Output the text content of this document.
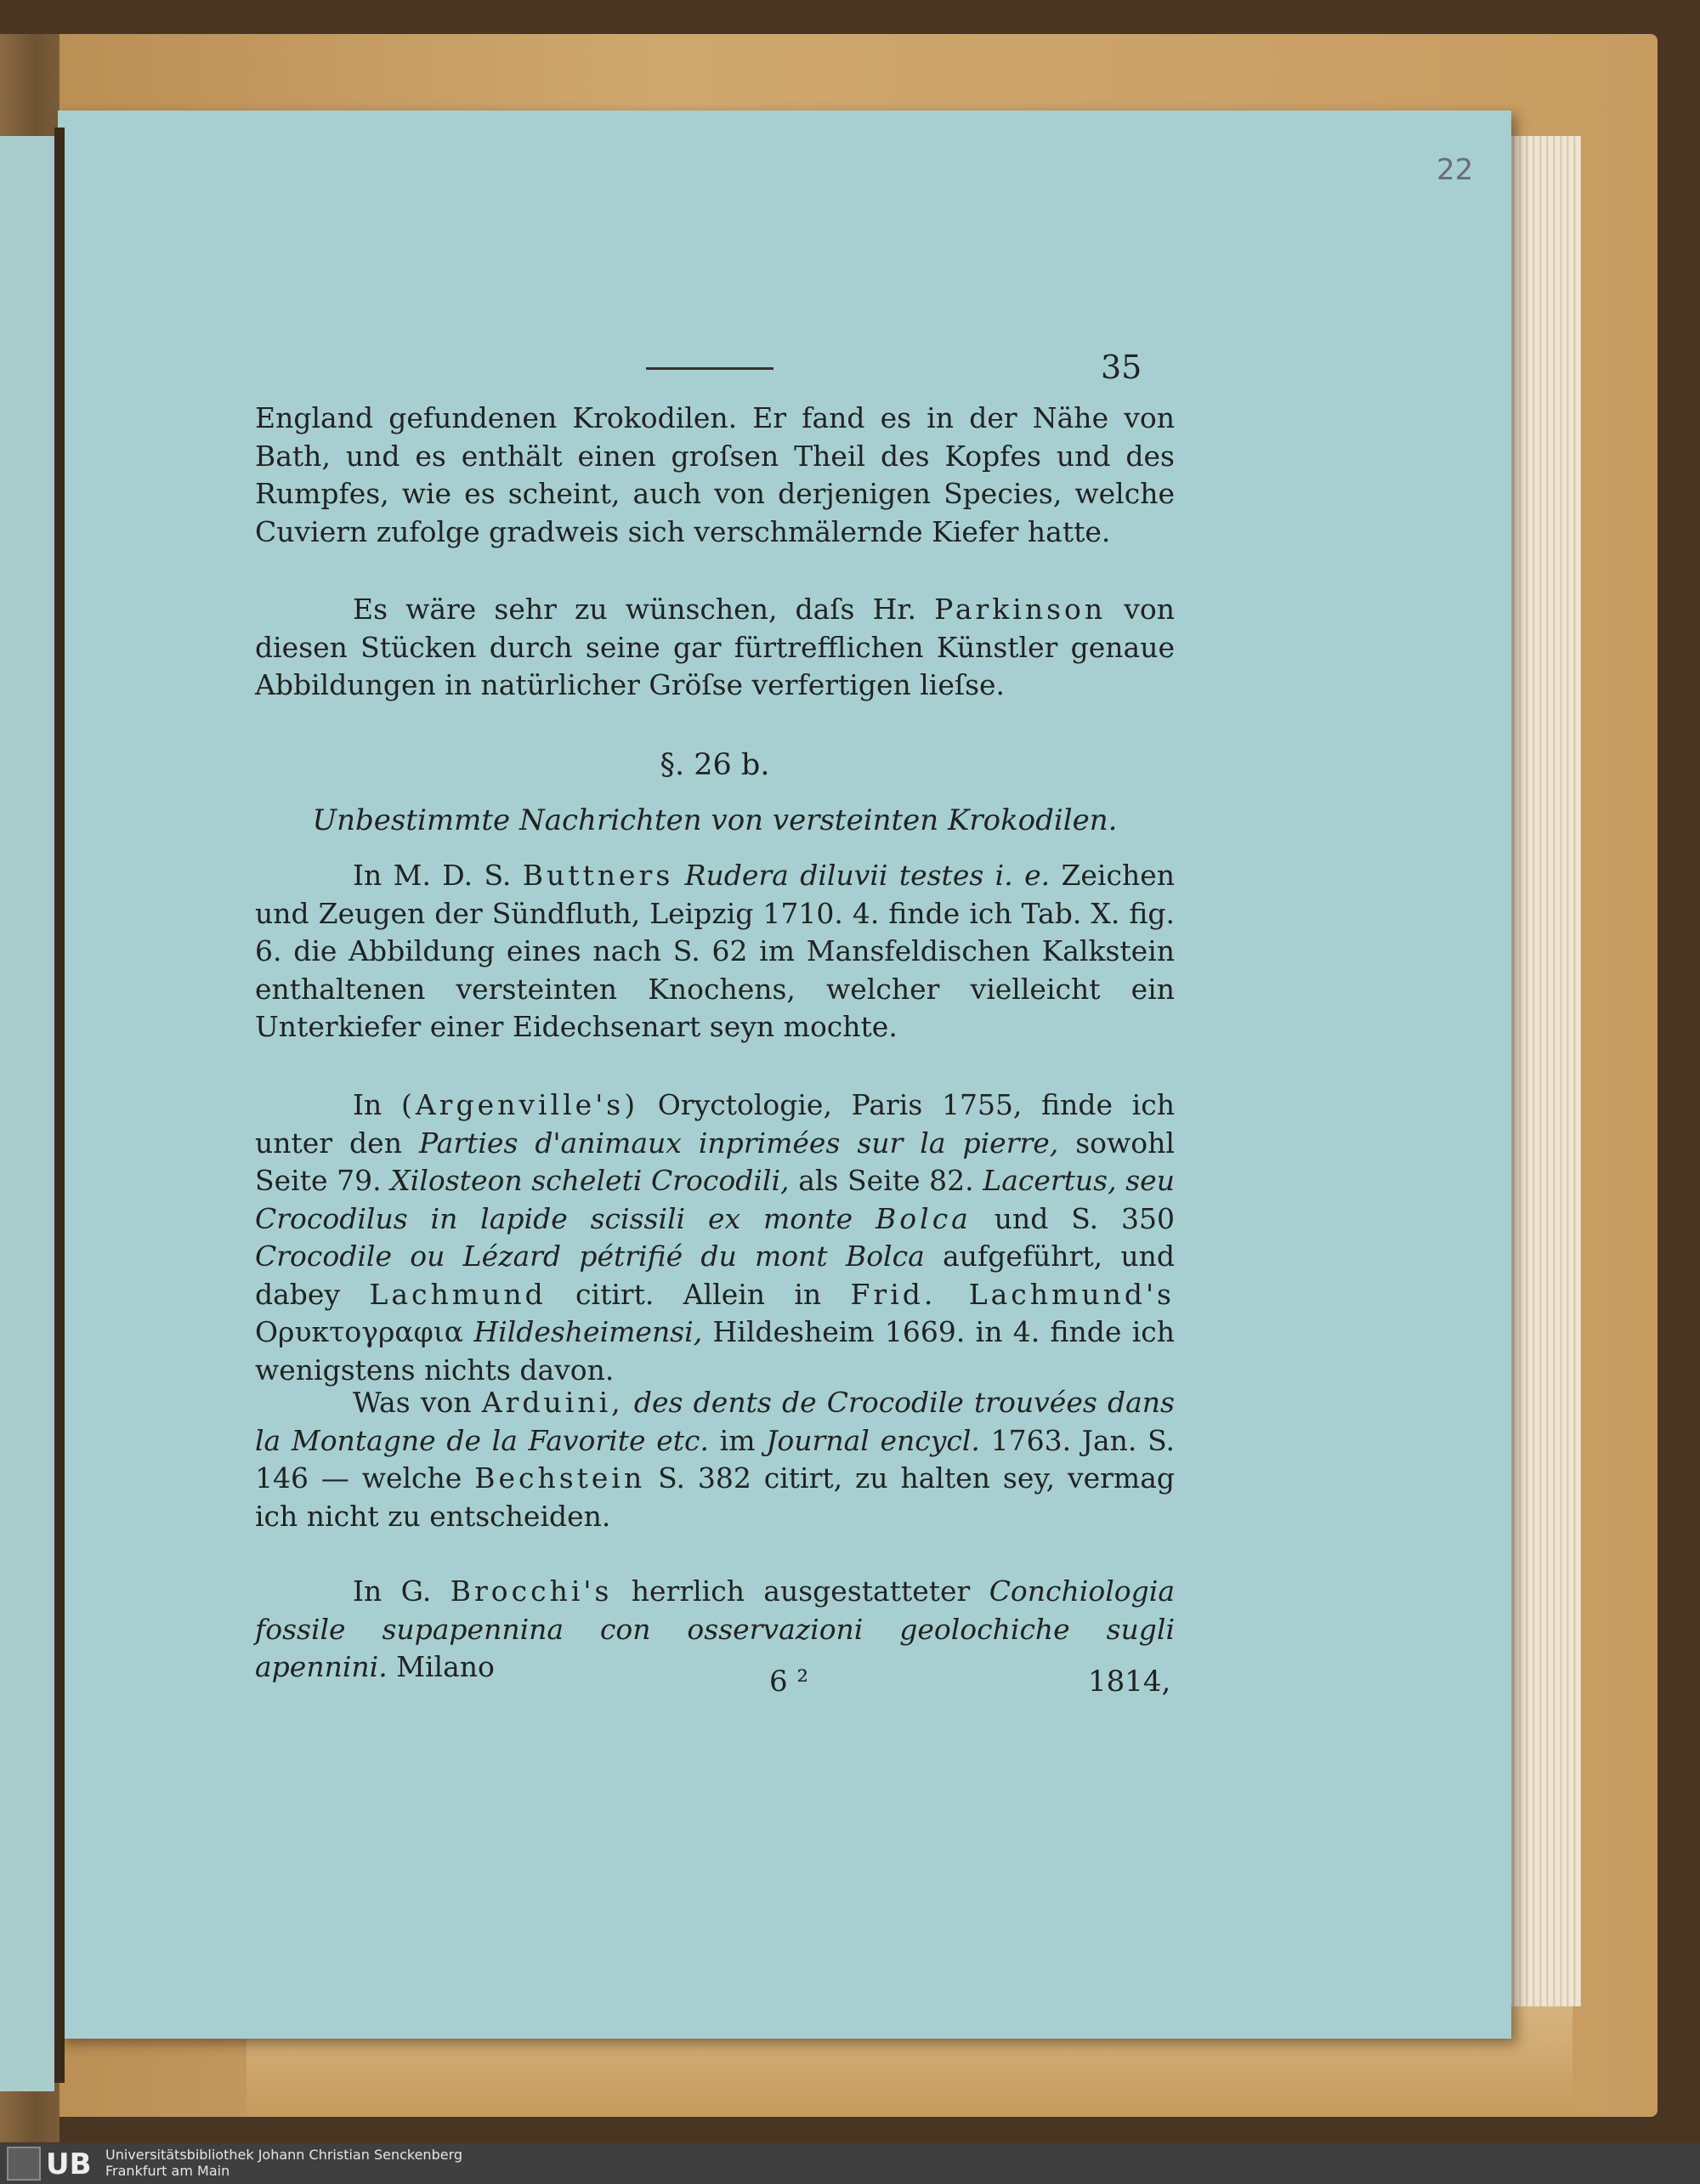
22
35

England gefundenen Krokodilen. Er fand es in der Nähe von Bath, und es enthält einen groſsen Theil des Kopfes und des Rumpfes, wie es scheint, auch von derjenigen Species, welche Cuviern zufolge gradweis sich verschmälernde Kiefer hatte.

Es wäre sehr zu wünschen, daſs Hr. Parkinson von diesen Stücken durch seine gar fürtrefflichen Künstler genaue Abbildungen in natürlicher Gröſse verfertigen lieſse.

§. 26 b.
Unbestimmte Nachrichten von versteinten Krokodilen.

In M. D. S. Buttners Rudera diluvii testes i. e. Zeichen und Zeugen der Sündfluth, Leipzig 1710. 4. finde ich Tab. X. fig. 6. die Abbildung eines nach S. 62 im Mansfeldischen Kalkstein enthaltenen versteinten Knochens, welcher vielleicht ein Unterkiefer einer Eidechsenart seyn mochte.

In (Argenville's) Oryctologie, Paris 1755, finde ich unter den Parties d'animaux inprimées sur la pierre, sowohl Seite 79. Xilosteon scheleti Crocodili, als Seite 82. Lacertus, seu Crocodilus in lapide scissili ex monte Bolca und S. 350 Crocodile ou Lézard pétrifié du mont Bolca aufgeführt, und dabey Lachmund citirt. Allein in Frid. Lachmund's Ορυκτογραφια Hildesheimensi, Hildesheim 1669. in 4. finde ich wenigstens nichts davon.

Was von Arduini, des dents de Crocodile trouvées dans la Montagne de la Favorite etc. im Journal encycl. 1763. Jan. S. 146 — welche Bechstein S. 382 citirt, zu halten sey, vermag ich nicht zu entscheiden.

In G. Brocchi's herrlich ausgestatteter Conchiologia fossile supapennina con osservazioni geolochiche sugli apennini. Milano	6 ²	1814,
UB Universitätsbibliothek Johann Christian Senckenberg
Frankfurt am Main
